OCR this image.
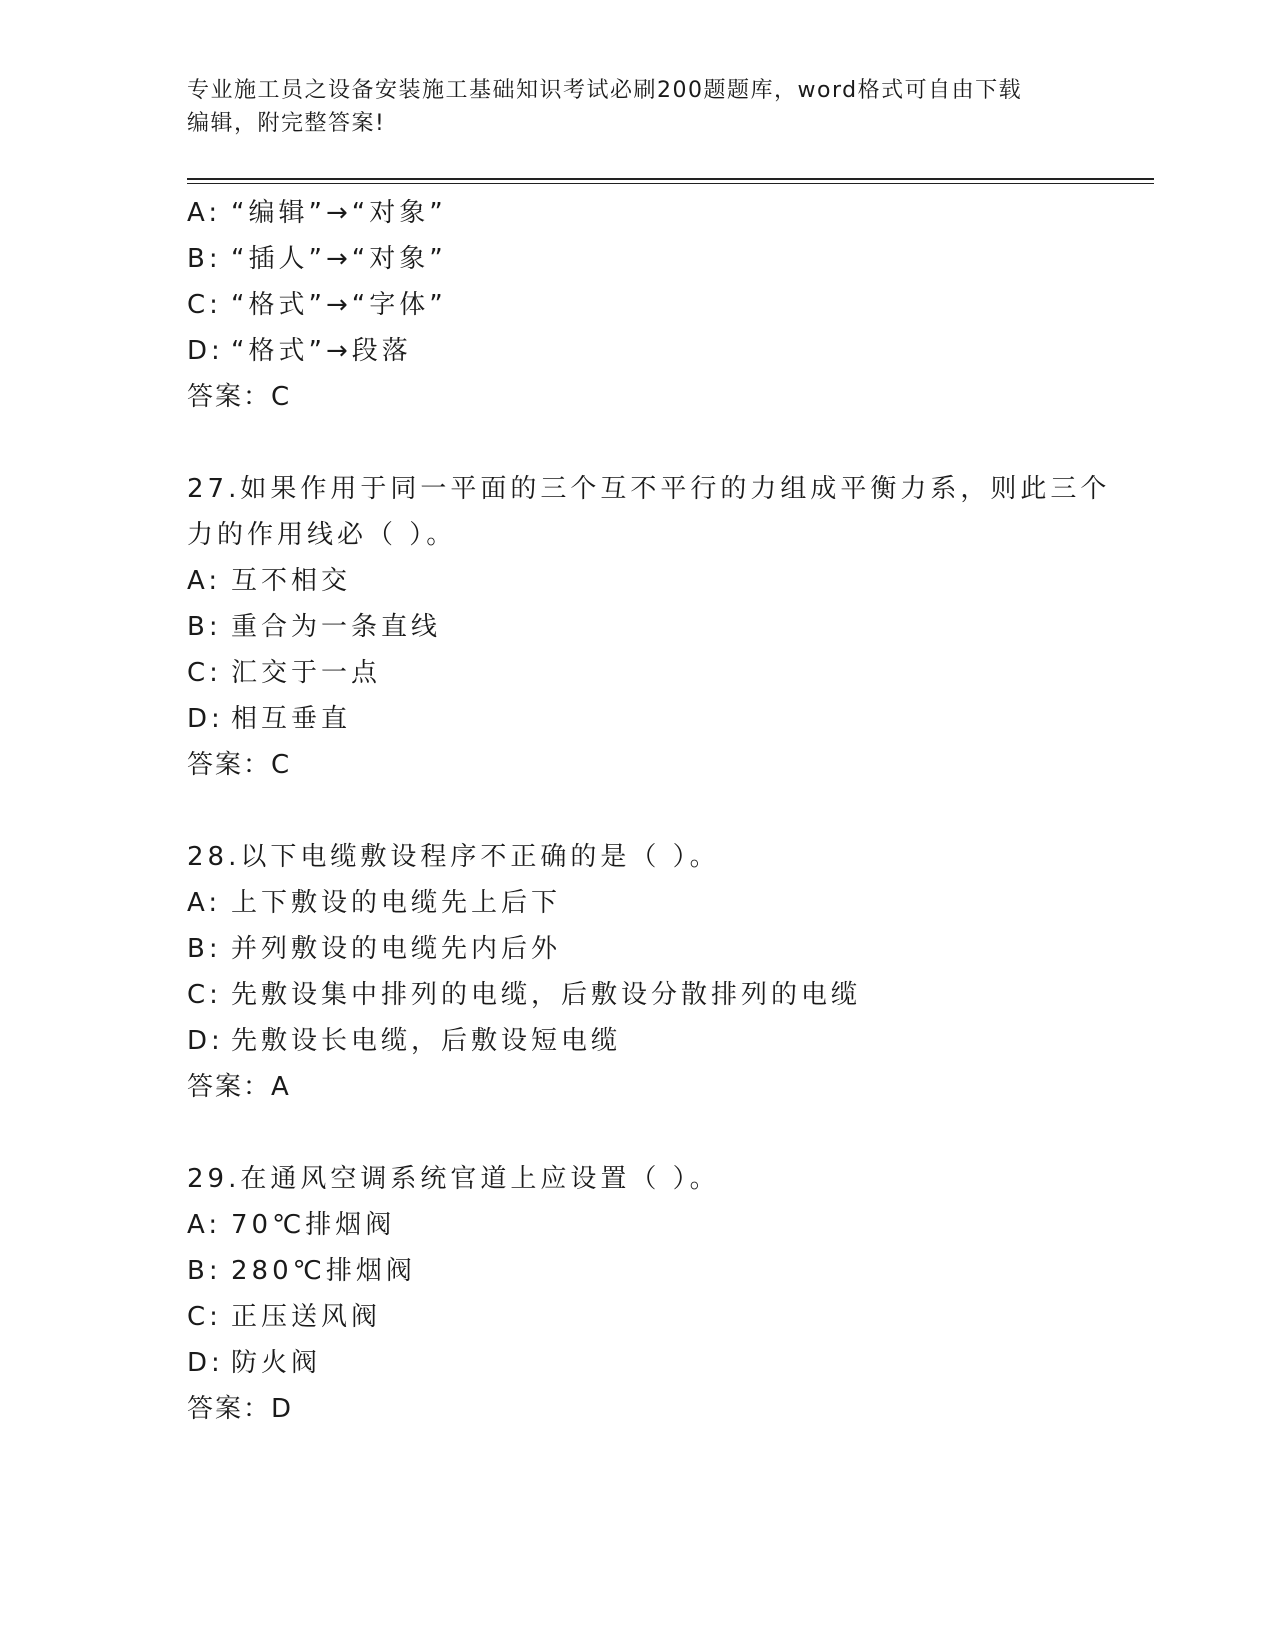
专业施工员之设备安装施工基础知识考试必刷200题题库，word格式可自由下载
编辑，附完整答案!
A: “编辑”→“对象”
B: “插人”→“对象”
C: “格式”→“字体”
D: “格式”→段落
答案：C
27.如果作用于同一平面的三个互不平行的力组成平衡力系，则此三个
力的作用线必（ ）。
A: 互不相交
B: 重合为一条直线
C: 汇交于一点
D: 相互垂直
答案：C
28.以下电缆敷设程序不正确的是（ ）。
A: 上下敷设的电缆先上后下
B: 并列敷设的电缆先内后外
C: 先敷设集中排列的电缆，后敷设分散排列的电缆
D: 先敷设长电缆，后敷设短电缆
答案：A
29.在通风空调系统官道上应设置（ ）。
A: 70℃排烟阀
B: 280℃排烟阀
C: 正压送风阀
D: 防火阀
答案：D
